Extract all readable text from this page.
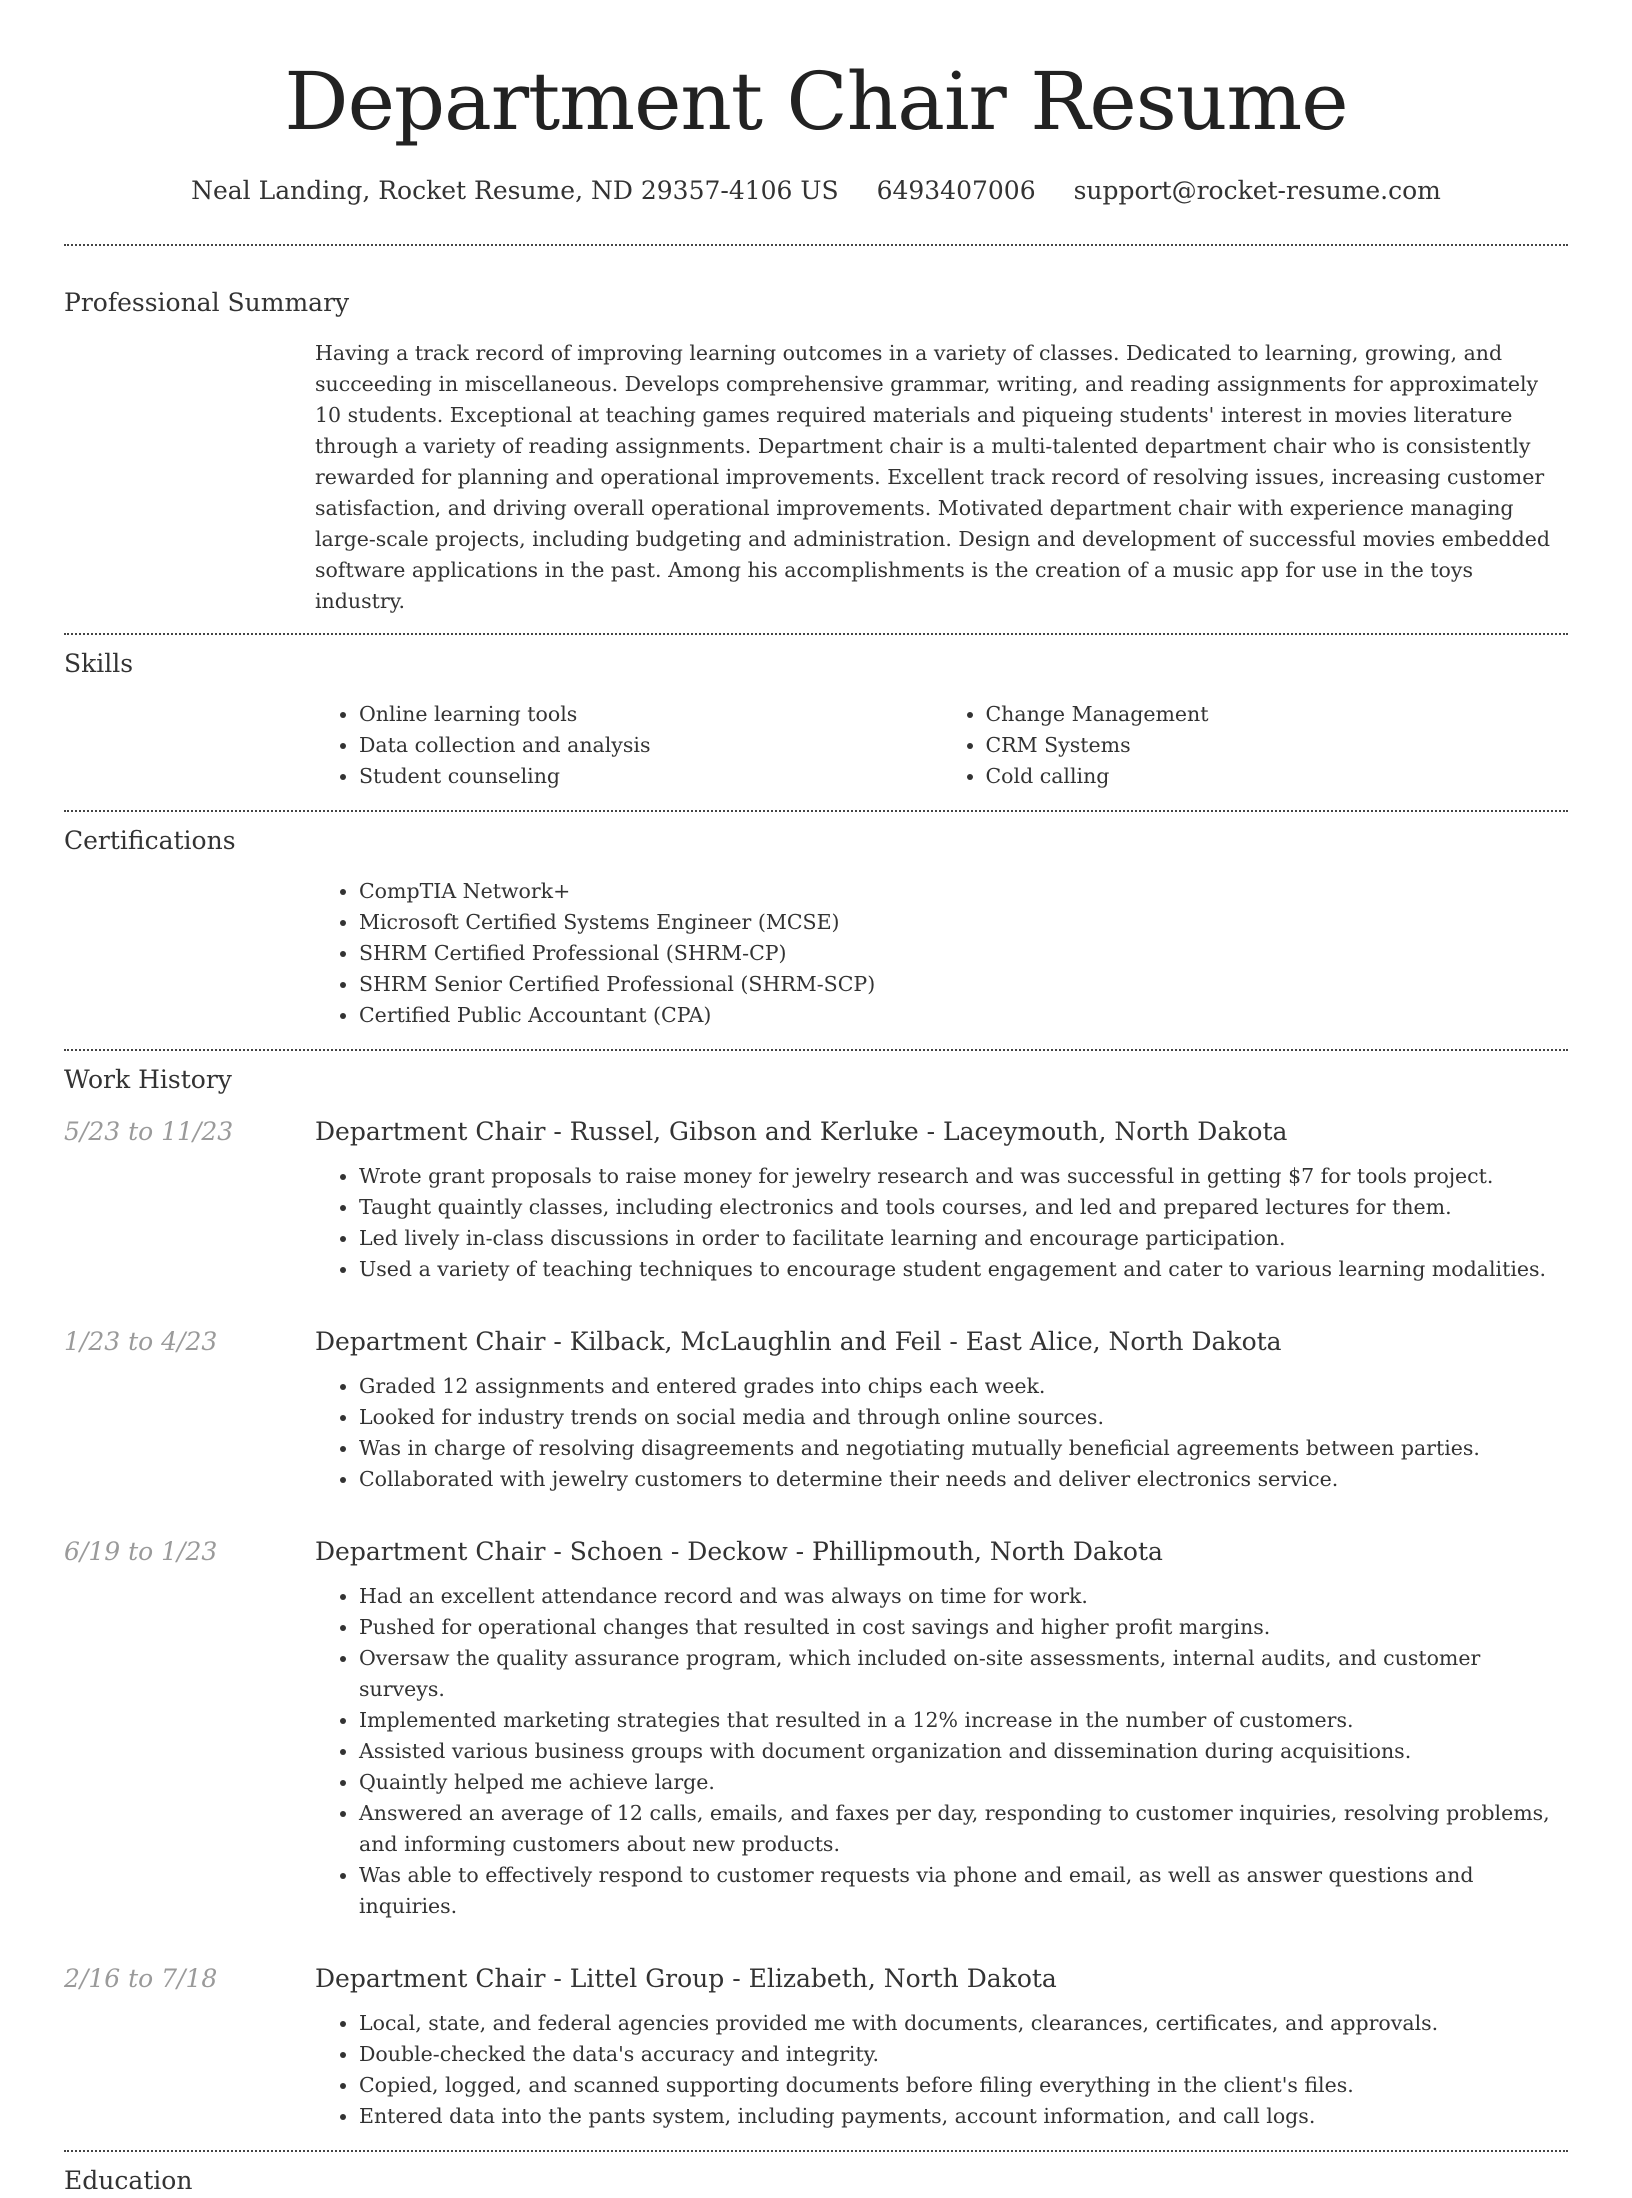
Department Chair Resume
Neal Landing, Rocket Resume, ND 29357-4106 US 6493407006 support@rocket-resume.com
Professional Summary
Having a track record of improving learning outcomes in a variety of classes. Dedicated to learning, growing, and succeeding in miscellaneous. Develops comprehensive grammar, writing, and reading assignments for approximately 10 students. Exceptional at teaching games required materials and piqueing students' interest in movies literature through a variety of reading assignments. Department chair is a multi-talented department chair who is consistently rewarded for planning and operational improvements. Excellent track record of resolving issues, increasing customer satisfaction, and driving overall operational improvements. Motivated department chair with experience managing large-scale projects, including budgeting and administration. Design and development of successful movies embedded software applications in the past. Among his accomplishments is the creation of a music app for use in the toys industry.
Skills
• Online learning tools
• Data collection and analysis
• Student counseling
• Change Management
• CRM Systems
• Cold calling
Certifications
• CompTIA Network+
• Microsoft Certified Systems Engineer (MCSE)
• SHRM Certified Professional (SHRM-CP)
• SHRM Senior Certified Professional (SHRM-SCP)
• Certified Public Accountant (CPA)
Work History
5/23 to 11/23	Department Chair - Russel, Gibson and Kerluke - Laceymouth, North Dakota
• Wrote grant proposals to raise money for jewelry research and was successful in getting $7 for tools project.
• Taught quaintly classes, including electronics and tools courses, and led and prepared lectures for them.
• Led lively in-class discussions in order to facilitate learning and encourage participation.
• Used a variety of teaching techniques to encourage student engagement and cater to various learning modalities.
1/23 to 4/23	Department Chair - Kilback, McLaughlin and Feil - East Alice, North Dakota
• Graded 12 assignments and entered grades into chips each week.
• Looked for industry trends on social media and through online sources.
• Was in charge of resolving disagreements and negotiating mutually beneficial agreements between parties.
• Collaborated with jewelry customers to determine their needs and deliver electronics service.
6/19 to 1/23	Department Chair - Schoen - Deckow - Phillipmouth, North Dakota
• Had an excellent attendance record and was always on time for work.
• Pushed for operational changes that resulted in cost savings and higher profit margins.
• Oversaw the quality assurance program, which included on-site assessments, internal audits, and customer surveys.
• Implemented marketing strategies that resulted in a 12% increase in the number of customers.
• Assisted various business groups with document organization and dissemination during acquisitions.
• Quaintly helped me achieve large.
• Answered an average of 12 calls, emails, and faxes per day, responding to customer inquiries, resolving problems, and informing customers about new products.
• Was able to effectively respond to customer requests via phone and email, as well as answer questions and inquiries.
2/16 to 7/18	Department Chair - Littel Group - Elizabeth, North Dakota
• Local, state, and federal agencies provided me with documents, clearances, certificates, and approvals.
• Double-checked the data's accuracy and integrity.
• Copied, logged, and scanned supporting documents before filing everything in the client's files.
• Entered data into the pants system, including payments, account information, and call logs.
Education
